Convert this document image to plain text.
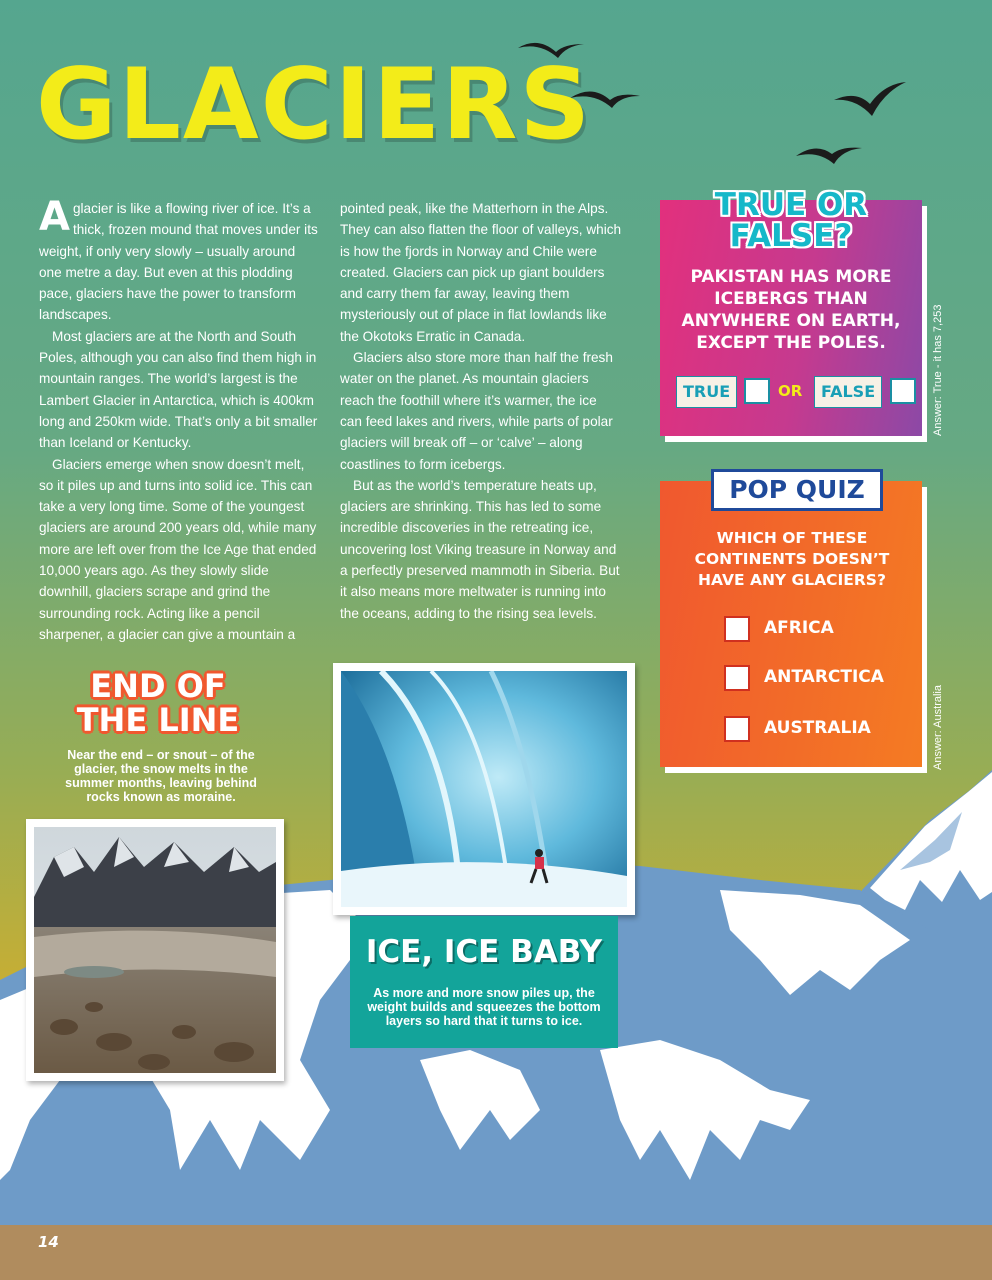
GLACIERS

A glacier is like a flowing river of ice. It’s a thick, frozen mound that moves under its weight, if only very slowly – usually around one metre a day. But even at this plodding pace, glaciers have the power to transform landscapes.

Most glaciers are at the North and South Poles, although you can also find them high in mountain ranges. The world’s largest is the Lambert Glacier in Antarctica, which is 400km long and 250km wide. That’s only a bit smaller than Iceland or Kentucky.

Glaciers emerge when snow doesn’t melt, so it piles up and turns into solid ice. This can take a very long time. Some of the youngest glaciers are around 200 years old, while many more are left over from the Ice Age that ended 10,000 years ago. As they slowly slide downhill, glaciers scrape and grind the surrounding rock. Acting like a pencil sharpener, a glacier can give a mountain a

pointed peak, like the Matterhorn in the Alps. They can also flatten the floor of valleys, which is how the fjords in Norway and Chile were created. Glaciers can pick up giant boulders and carry them far away, leaving them mysteriously out of place in flat lowlands like the Okotoks Erratic in Canada.

Glaciers also store more than half the fresh water on the planet. As mountain glaciers reach the foothill where it’s warmer, the ice can feed lakes and rivers, while parts of polar glaciers will break off – or ‘calve’ – along coastlines to form icebergs.

But as the world’s temperature heats up, glaciers are shrinking. This has led to some incredible discoveries in the retreating ice, uncovering lost Viking treasure in Norway and a perfectly preserved mammoth in Siberia. But it also means more meltwater is running into the oceans, adding to the rising sea levels.

TRUE OR
FALSE?

PAKISTAN HAS MORE ICEBERGS THAN ANYWHERE ON EARTH, EXCEPT THE POLES.

TRUE	OR	FALSE	Answer: True - it has 7,253
POP QUIZ

WHICH OF THESE CONTINENTS DOESN’T HAVE ANY GLACIERS?

AFRICA
ANTARCTICA
AUSTRALIA	Answer: Australia
END OF
THE LINE

Near the end – or snout – of the glacier, the snow melts in the summer months, leaving behind rocks known as moraine.

ICE, ICE BABY

As more and more snow piles up, the weight builds and squeezes the bottom layers so hard that it turns to ice.

14
